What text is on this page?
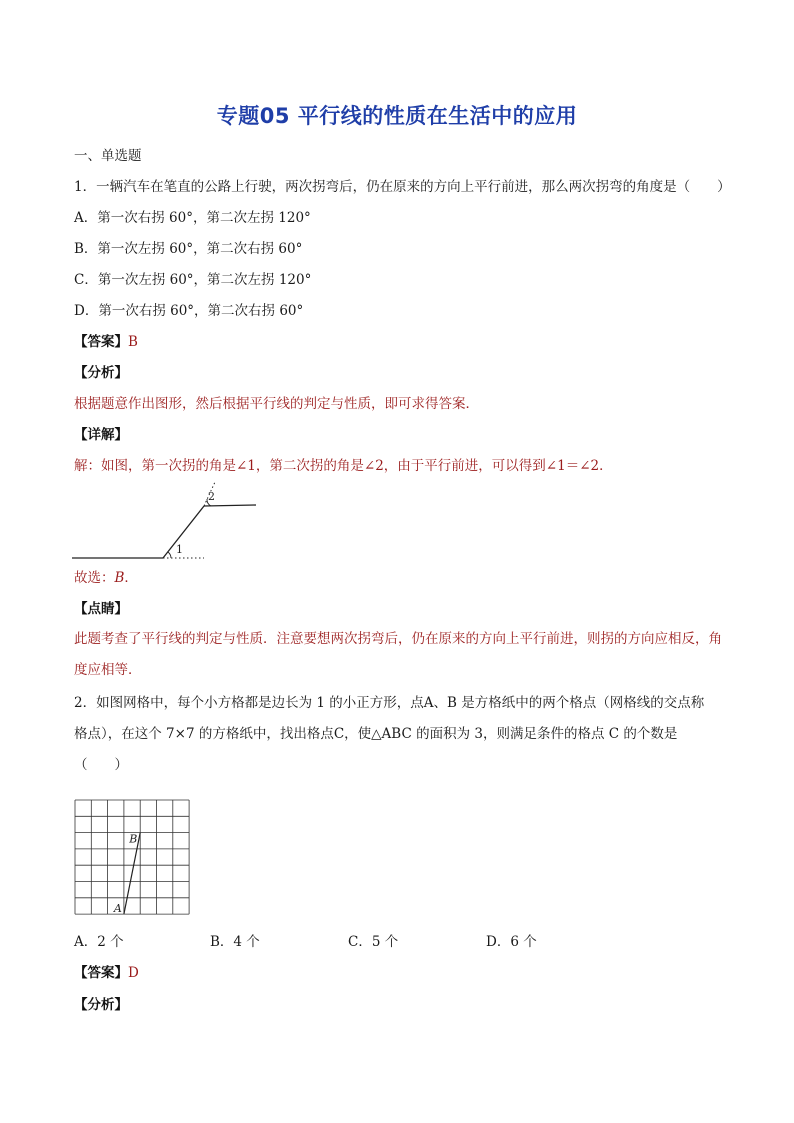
专题05 平行线的性质在生活中的应用
一、单选题
1．一辆汽车在笔直的公路上行驶，两次拐弯后，仍在原来的方向上平行前进，那么两次拐弯的角度是（　　）
A．第一次右拐 60°，第二次左拐 120°
B．第一次左拐 60°，第二次右拐 60°
C．第一次左拐 60°，第二次左拐 120°
D．第一次右拐 60°，第二次右拐 60°
【答案】B
【分析】
根据题意作出图形，然后根据平行线的判定与性质，即可求得答案．
【详解】
解：如图，第一次拐的角是∠1，第二次拐的角是∠2，由于平行前进，可以得到∠1＝∠2．
1
2
故选：B．
【点睛】
此题考查了平行线的判定与性质．注意要想两次拐弯后，仍在原来的方向上平行前进，则拐的方向应相反，角度应相等．
2．如图网格中，每个小方格都是边长为 1 的小正方形，点A、B 是方格纸中的两个格点（网格线的交点称
格点），在这个 7×7 的方格纸中，找出格点C，使△ABC 的面积为 3，则满足条件的格点 C 的个数是
（　　）
A
B
A．2 个	B．4 个	C．5 个	D．6 个
【答案】D
【分析】
